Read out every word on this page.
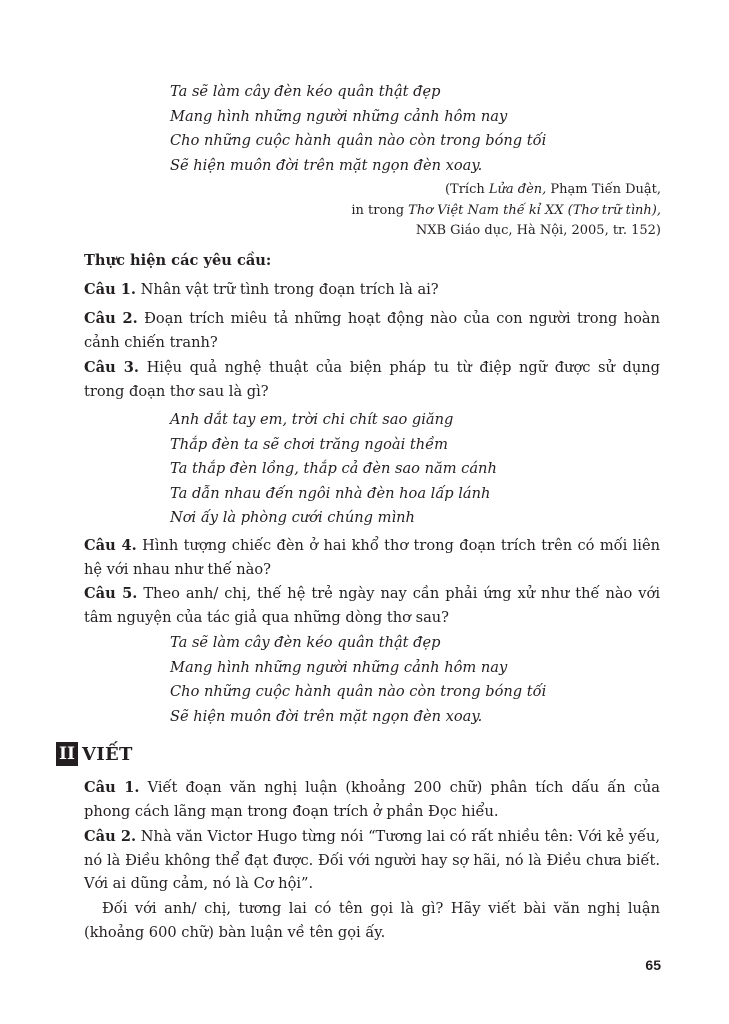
Ta sẽ làm cây đèn kéo quân thật đẹp
Mang hình những người những cảnh hôm nay
Cho những cuộc hành quân nào còn trong bóng tối
Sẽ hiện muôn đời trên mặt ngọn đèn xoay.
(Trích Lửa đèn, Phạm Tiến Duật,
in trong Thơ Việt Nam thế kỉ XX (Thơ trữ tình),
NXB Giáo dục, Hà Nội, 2005, tr. 152)
Thực hiện các yêu cầu:
Câu 1. Nhân vật trữ tình trong đoạn trích là ai?
Câu 2. Đoạn trích miêu tả những hoạt động nào của con người trong hoàn cảnh chiến tranh?
Câu 3. Hiệu quả nghệ thuật của biện pháp tu từ điệp ngữ được sử dụng trong đoạn thơ sau là gì?
Anh dắt tay em, trời chi chít sao giăng
Thắp đèn ta sẽ chơi trăng ngoài thềm
Ta thắp đèn lồng, thắp cả đèn sao năm cánh
Ta dẫn nhau đến ngôi nhà đèn hoa lấp lánh
Nơi ấy là phòng cưới chúng mình
Câu 4. Hình tượng chiếc đèn ở hai khổ thơ trong đoạn trích trên có mối liên hệ với nhau như thế nào?
Câu 5. Theo anh/ chị, thế hệ trẻ ngày nay cần phải ứng xử như thế nào với tâm nguyện của tác giả qua những dòng thơ sau?
Ta sẽ làm cây đèn kéo quân thật đẹp
Mang hình những người những cảnh hôm nay
Cho những cuộc hành quân nào còn trong bóng tối
Sẽ hiện muôn đời trên mặt ngọn đèn xoay.
II VIẾT
Câu 1. Viết đoạn văn nghị luận (khoảng 200 chữ) phân tích dấu ấn của phong cách lãng mạn trong đoạn trích ở phần Đọc hiểu.
Câu 2. Nhà văn Victor Hugo từng nói “Tương lai có rất nhiều tên: Với kẻ yếu, nó là Điều không thể đạt được. Đối với người hay sợ hãi, nó là Điều chưa biết. Với ai dũng cảm, nó là Cơ hội”.
Đối với anh/ chị, tương lai có tên gọi là gì? Hãy viết bài văn nghị luận (khoảng 600 chữ) bàn luận về tên gọi ấy.
65
